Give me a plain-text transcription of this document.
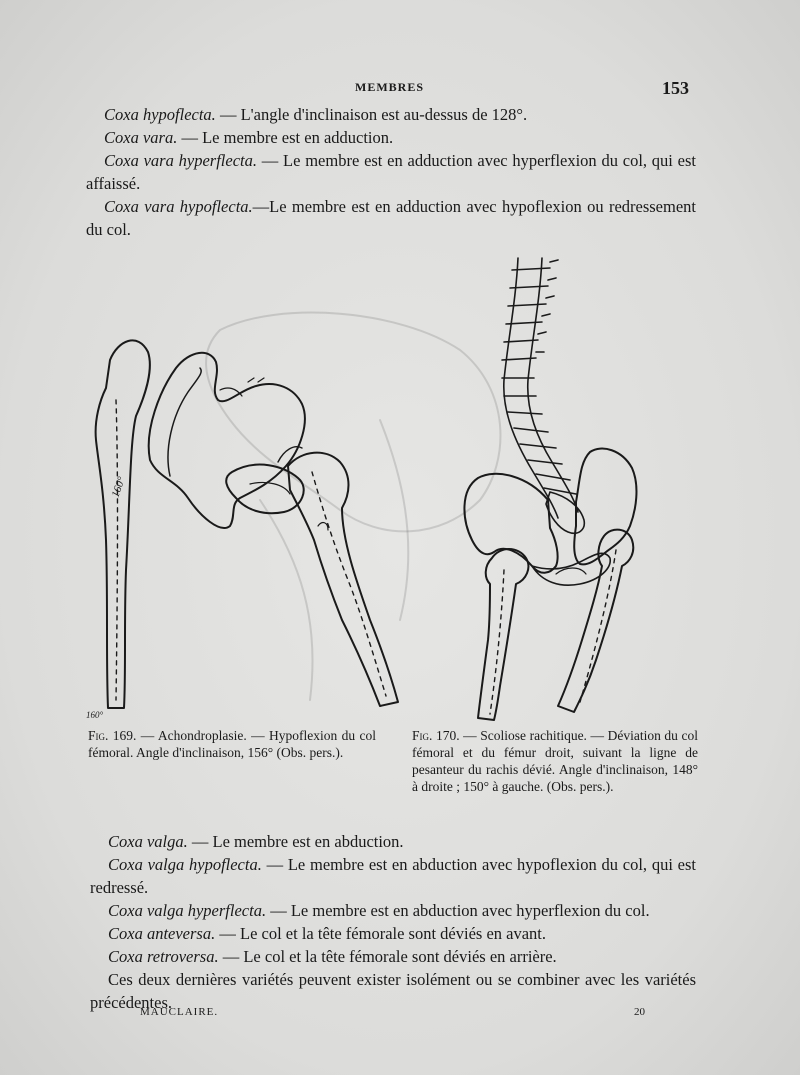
MEMBRES	153

Coxa hypoflecta. — L'angle d'inclinaison est au-dessus de 128°.

Coxa vara. — Le membre est en adduction.

Coxa vara hyperflecta. — Le membre est en adduction avec hyperflexion du col, qui est affaissé.

Coxa vara hypoflecta.—Le membre est en adduction avec hypoflexion ou redressement du col.

160°
160°
Fig. 169. — Achondroplasie. — Hypoflexion du col fémoral. Angle d'inclinaison, 156° (Obs. pers.).
Fig. 170. — Scoliose rachitique. — Déviation du col fémoral et du fémur droit, suivant la ligne de pesanteur du rachis dévié. Angle d'inclinaison, 148° à droite ; 150° à gauche. (Obs. pers.).

Coxa valga. — Le membre est en abduction.

Coxa valga hypoflecta. — Le membre est en abduction avec hypoflexion du col, qui est redressé.

Coxa valga hyperflecta. — Le membre est en abduction avec hyperflexion du col.

Coxa anteversa. — Le col et la tête fémorale sont déviés en avant.

Coxa retroversa. — Le col et la tête fémorale sont déviés en arrière.

Ces deux dernières variétés peuvent exister isolément ou se combiner avec les variétés précédentes.

MAUCLAIRE.	20
